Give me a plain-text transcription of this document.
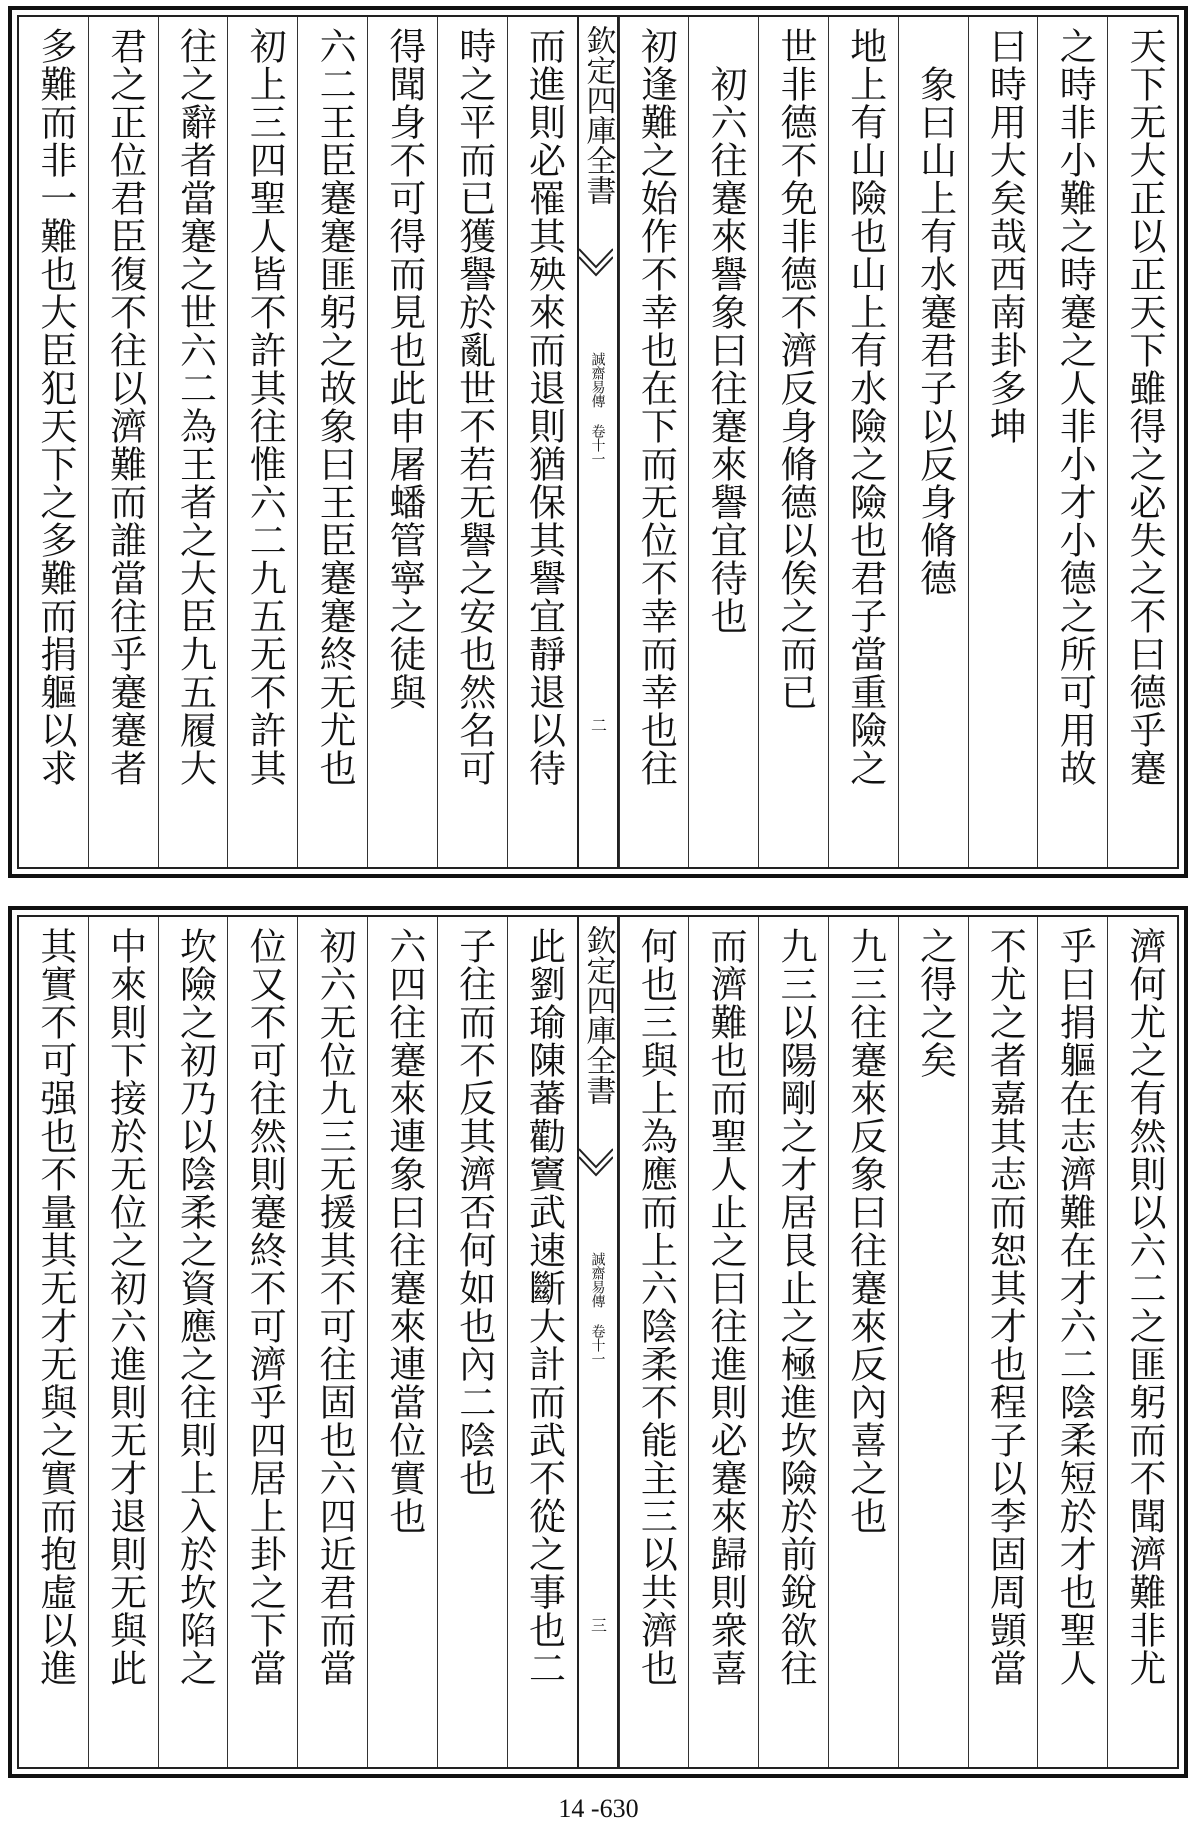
天下无大正以正天下雖得之必失之不曰德乎蹇
之時非小難之時蹇之人非小才小德之所可用故
曰時用大矣哉西南卦多坤
象曰山上有水蹇君子以反身脩德
地上有山險也山上有水險之險也君子當重險之
世非德不免非德不濟反身脩德以俟之而已
初六往蹇來譽象曰往蹇來譽宜待也
初逢難之始作不幸也在下而无位不幸而幸也往
欽定四庫全書
誠齋易傳 卷十一
二
而進則必罹其殃來而退則猶保其譽宜靜退以待
時之平而已獲譽於亂世不若无譽之安也然名可
得聞身不可得而見也此申屠蟠管寧之徒與
六二王臣蹇蹇匪躬之故象曰王臣蹇蹇終无尤也
初上三四聖人皆不許其往惟六二九五无不許其
往之辭者當蹇之世六二為王者之大臣九五履大
君之正位君臣復不往以濟難而誰當往乎蹇蹇者
多難而非一難也大臣犯天下之多難而捐軀以求
濟何尤之有然則以六二之匪躬而不聞濟難非尤
乎曰捐軀在志濟難在才六二陰柔短於才也聖人
不尤之者嘉其志而恕其才也程子以李固周顗當
之得之矣
九三往蹇來反象曰往蹇來反內喜之也
九三以陽剛之才居艮止之極進坎險於前銳欲往
而濟難也而聖人止之曰往進則必蹇來歸則衆喜
何也三與上為應而上六陰柔不能主三以共濟也
欽定四庫全書
誠齋易傳 卷十一
三
此劉瑜陳蕃勸竇武速斷大計而武不從之事也二
子往而不反其濟否何如也內二陰也
六四往蹇來連象曰往蹇來連當位實也
初六无位九三无援其不可往固也六四近君而當
位又不可往然則蹇終不可濟乎四居上卦之下當
坎險之初乃以陰柔之資應之往則上入於坎陷之
中來則下接於无位之初六進則无才退則无與此
其實不可强也不量其无才无與之實而抱虛以進
14 -630
